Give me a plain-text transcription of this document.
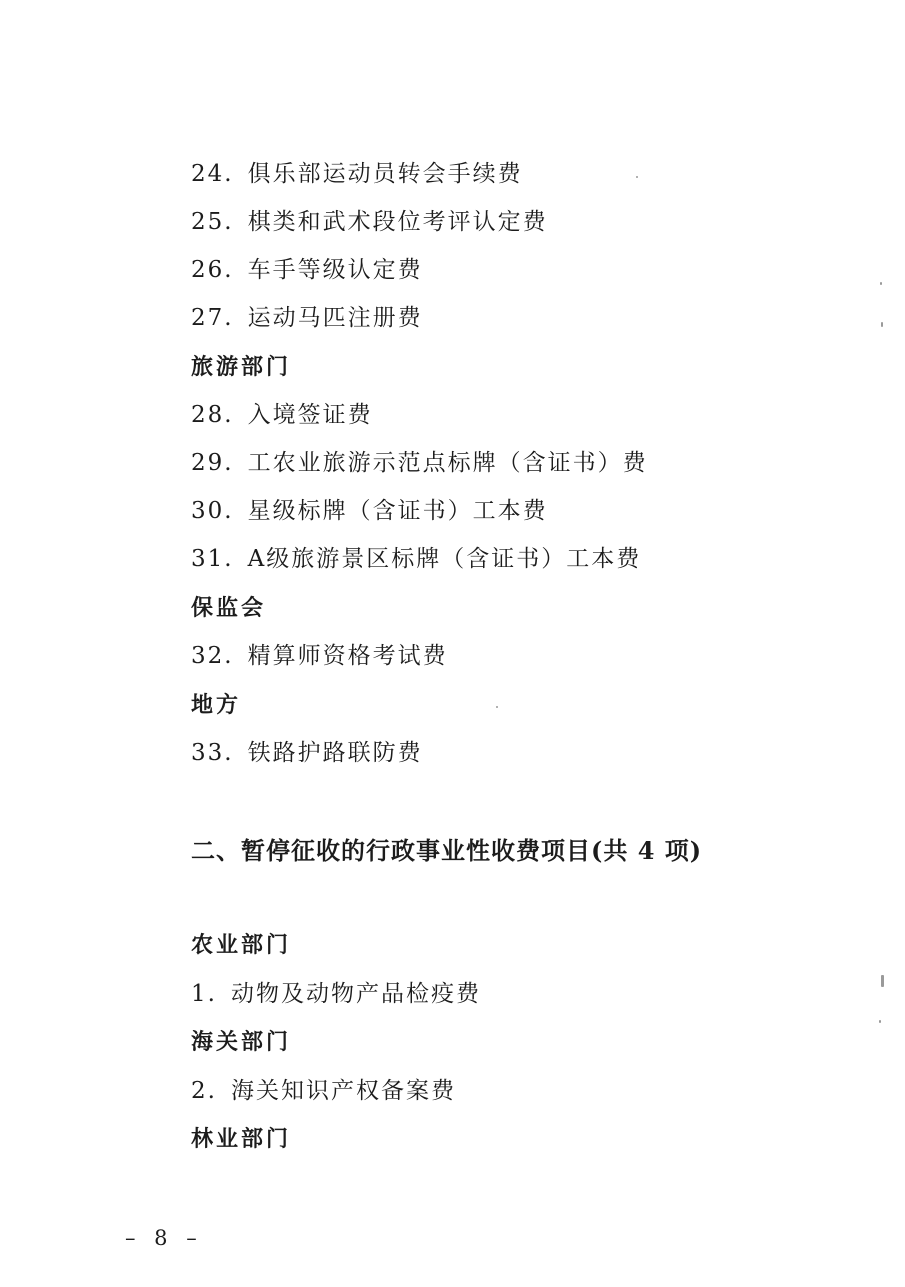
24. 俱乐部运动员转会手续费
25. 棋类和武术段位考评认定费
26. 车手等级认定费
27. 运动马匹注册费
旅游部门
28. 入境签证费
29. 工农业旅游示范点标牌（含证书）费
30. 星级标牌（含证书）工本费
31. A级旅游景区标牌（含证书）工本费
保监会
32. 精算师资格考试费
地方
33. 铁路护路联防费
二、暂停征收的行政事业性收费项目(共 4 项)
农业部门
1. 动物及动物产品检疫费
海关部门
2. 海关知识产权备案费
林业部门
– 8 –
